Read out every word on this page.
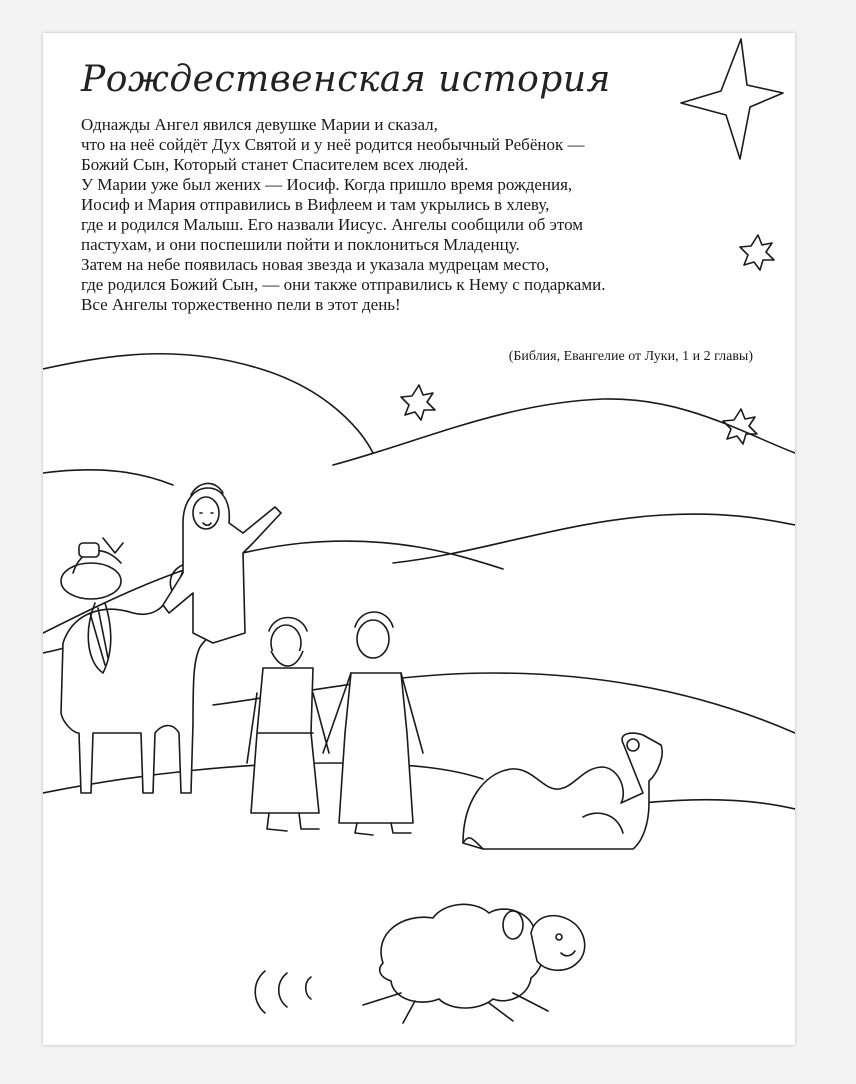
Рождественская история

Однажды Ангел явился девушке Марии и сказал,
что на неё сойдёт Дух Святой и у неё родится необычный Ребёнок —
Божий Сын, Который станет Спасителем всех людей.
У Марии уже был жених — Иосиф. Когда пришло время рождения,
Иосиф и Мария отправились в Вифлеем и там укрылись в хлеву,
где и родился Малыш. Его назвали Иисус. Ангелы сообщили об этом
пастухам, и они поспешили пойти и поклониться Младенцу.
Затем на небе появилась новая звезда и указала мудрецам место,
где родился Божий Сын, — они также отправились к Нему с подарками.
Все Ангелы торжественно пели в этот день!

(Библия, Евангелие от Луки, 1 и 2 главы)
